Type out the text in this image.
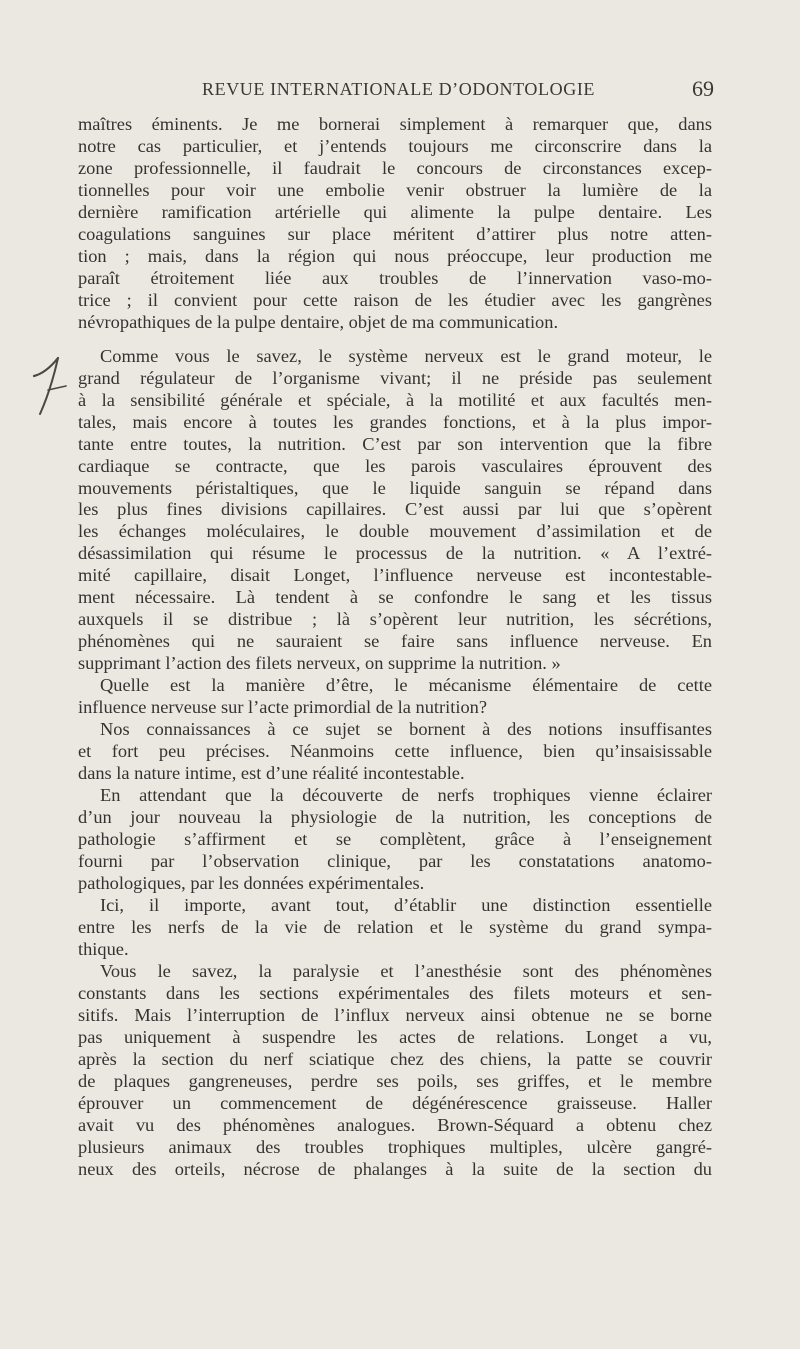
REVUE INTERNATIONALE D’ODONTOLOGIE	69
maîtres éminents. Je me bornerai simplement à remarquer que, dans
notre cas particulier, et j’entends toujours me circonscrire dans la
zone professionnelle, il faudrait le concours de circonstances excep-
tionnelles pour voir une embolie venir obstruer la lumière de la
dernière ramification artérielle qui alimente la pulpe dentaire. Les
coagulations sanguines sur place méritent d’attirer plus notre atten-
tion ; mais, dans la région qui nous préoccupe, leur production me
paraît étroitement liée aux troubles de l’innervation vaso-mo-
trice ; il convient pour cette raison de les étudier avec les gangrènes
névropathiques de la pulpe dentaire, objet de ma communication.
Comme vous le savez, le système nerveux est le grand moteur, le
grand régulateur de l’organisme vivant; il ne préside pas seulement
à la sensibilité générale et spéciale, à la motilité et aux facultés men-
tales, mais encore à toutes les grandes fonctions, et à la plus impor-
tante entre toutes, la nutrition. C’est par son intervention que la fibre
cardiaque se contracte, que les parois vasculaires éprouvent des
mouvements péristaltiques, que le liquide sanguin se répand dans
les plus fines divisions capillaires. C’est aussi par lui que s’opèrent
les échanges moléculaires, le double mouvement d’assimilation et de
désassimilation qui résume le processus de la nutrition. « A l’extré-
mité capillaire, disait Longet, l’influence nerveuse est incontestable-
ment nécessaire. Là tendent à se confondre le sang et les tissus
auxquels il se distribue ; là s’opèrent leur nutrition, les sécrétions,
phénomènes qui ne sauraient se faire sans influence nerveuse. En
supprimant l’action des filets nerveux, on supprime la nutrition. »
Quelle est la manière d’être, le mécanisme élémentaire de cette
influence nerveuse sur l’acte primordial de la nutrition?
Nos connaissances à ce sujet se bornent à des notions insuffisantes
et fort peu précises. Néanmoins cette influence, bien qu’insaisissable
dans la nature intime, est d’une réalité incontestable.
En attendant que la découverte de nerfs trophiques vienne éclairer
d’un jour nouveau la physiologie de la nutrition, les conceptions de
pathologie s’affirment et se complètent, grâce à l’enseignement
fourni par l’observation clinique, par les constatations anatomo-
pathologiques, par les données expérimentales.
Ici, il importe, avant tout, d’établir une distinction essentielle
entre les nerfs de la vie de relation et le système du grand sympa-
thique.
Vous le savez, la paralysie et l’anesthésie sont des phénomènes
constants dans les sections expérimentales des filets moteurs et sen-
sitifs. Mais l’interruption de l’influx nerveux ainsi obtenue ne se borne
pas uniquement à suspendre les actes de relations. Longet a vu,
après la section du nerf sciatique chez des chiens, la patte se couvrir
de plaques gangreneuses, perdre ses poils, ses griffes, et le membre
éprouver un commencement de dégénérescence graisseuse. Haller
avait vu des phénomènes analogues. Brown-Séquard a obtenu chez
plusieurs animaux des troubles trophiques multiples, ulcère gangré-
neux des orteils, nécrose de phalanges à la suite de la section du
